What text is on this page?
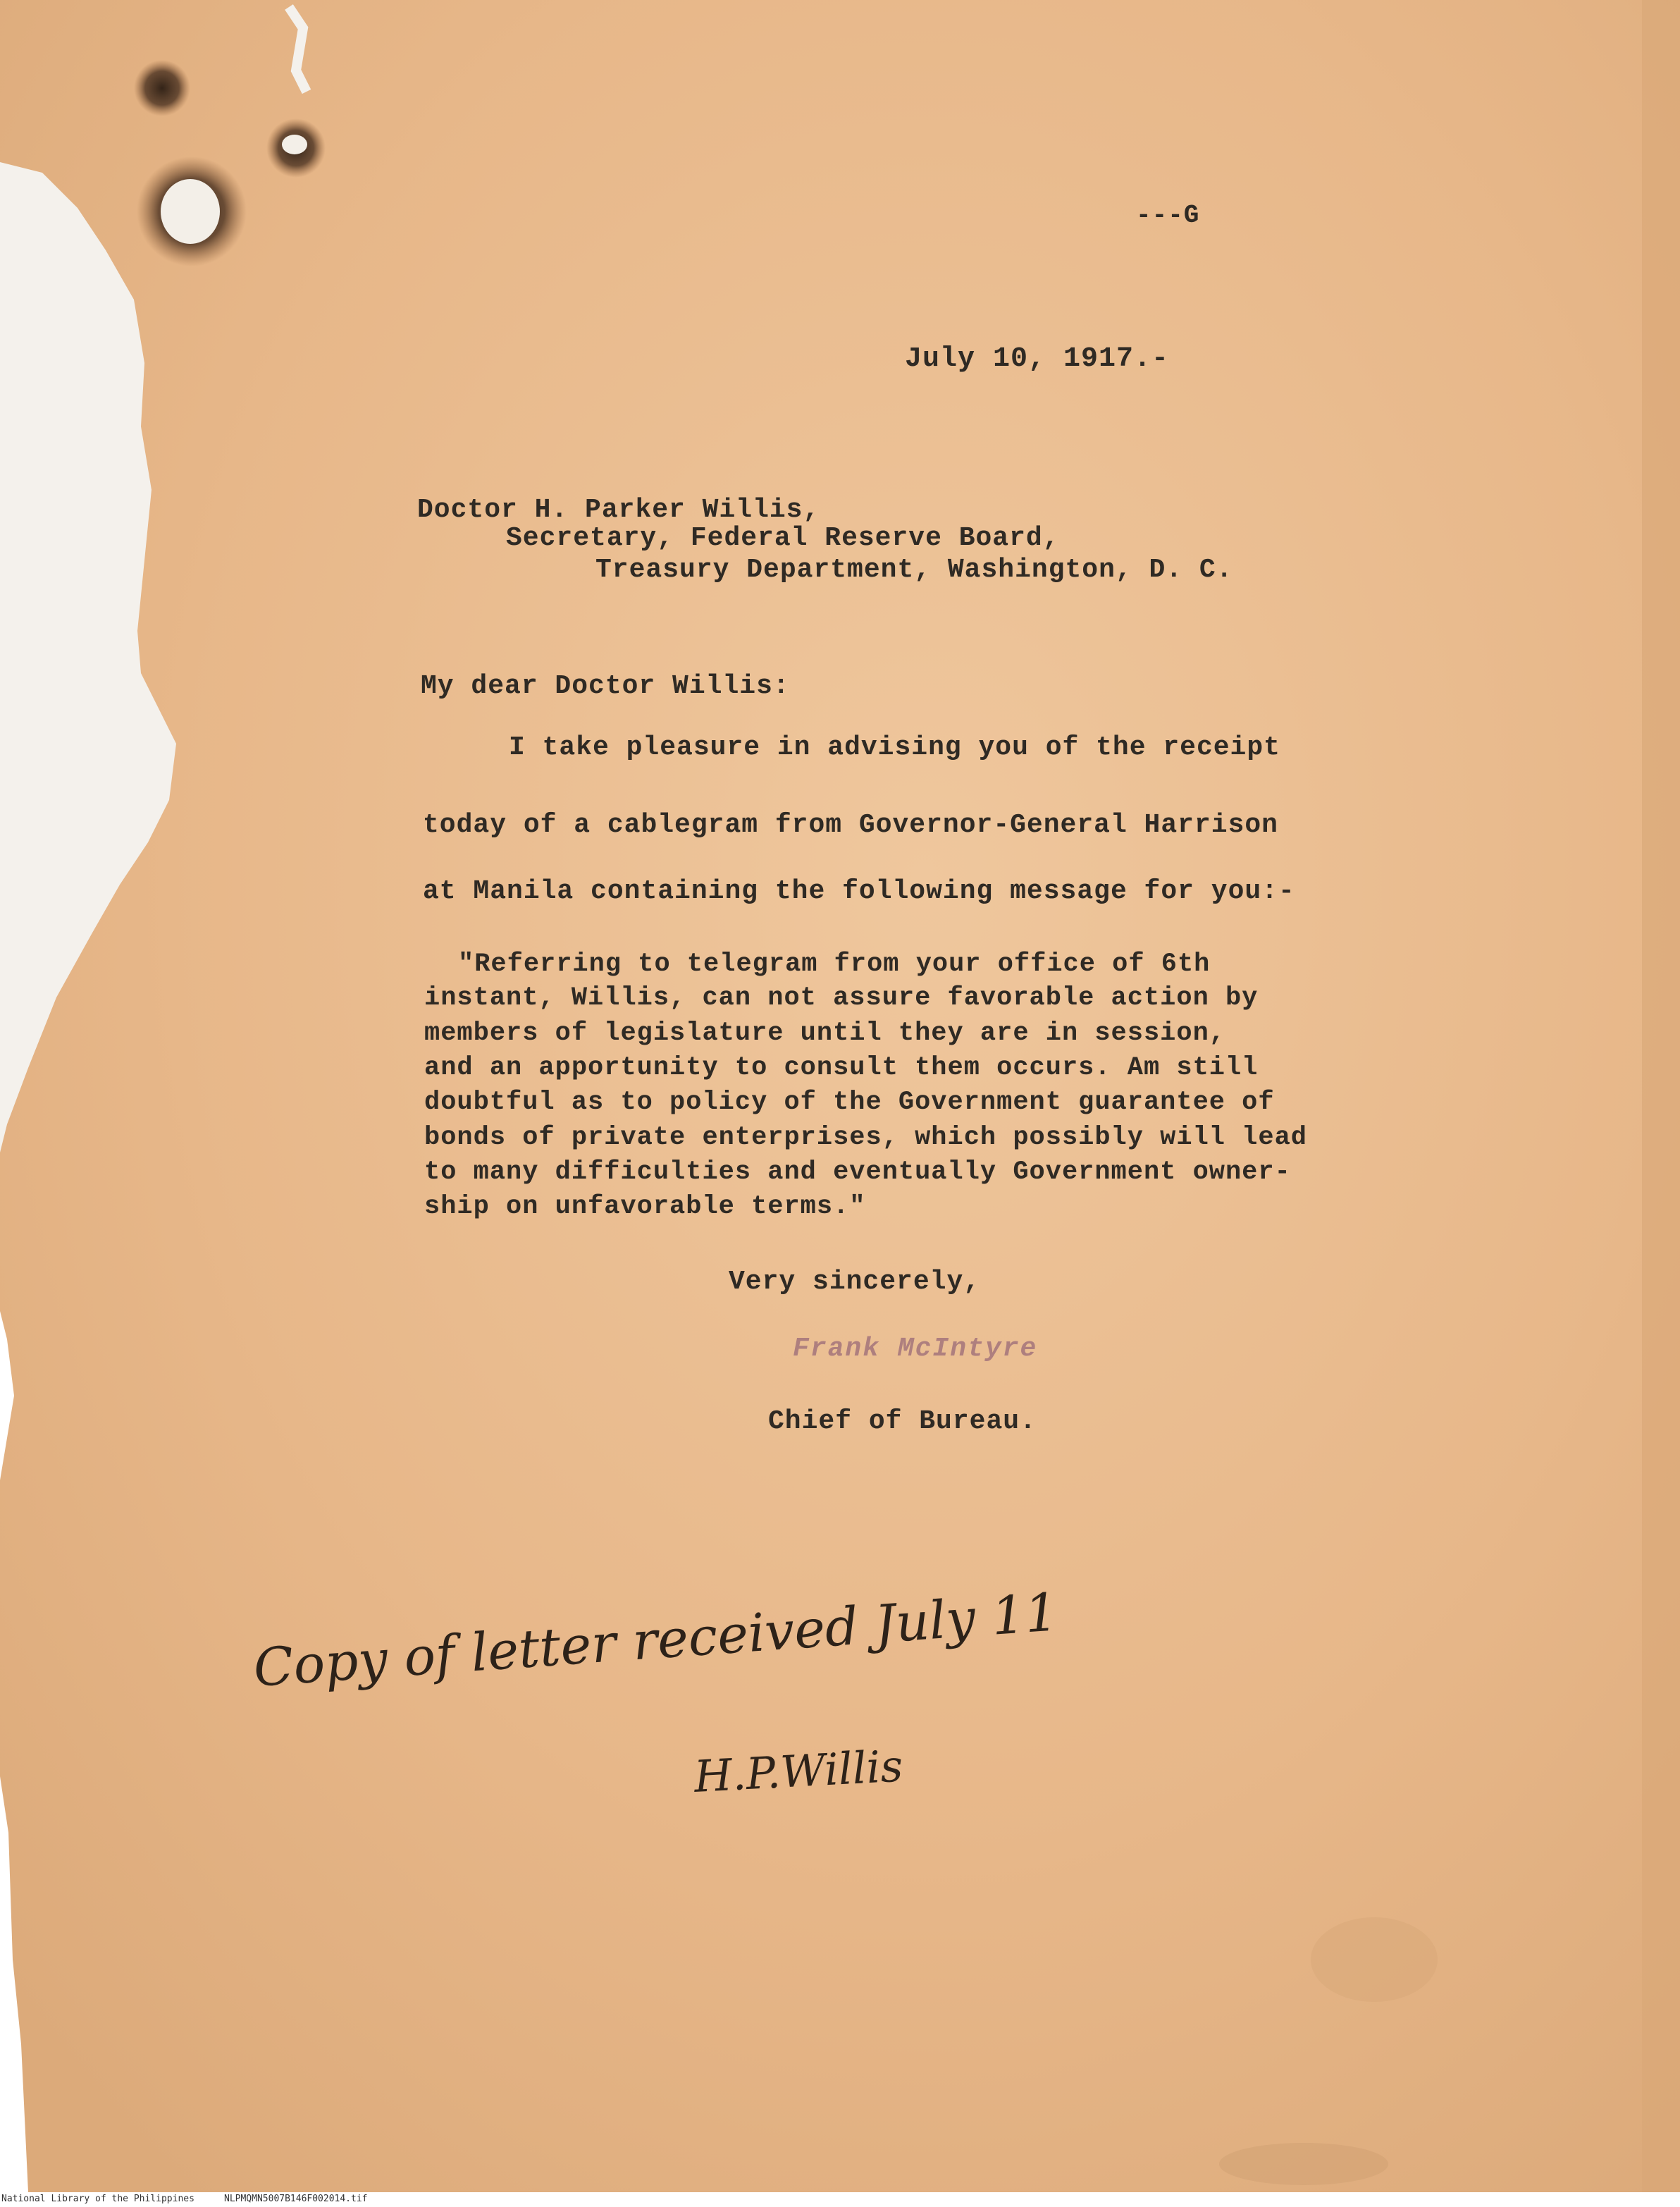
---G
July 10, 1917.-
Doctor H. Parker Willis,
Secretary, Federal Reserve Board,
Treasury Department, Washington, D. C.
My dear Doctor Willis:
I take pleasure in advising you of the receipt
today of a cablegram from Governor-General Harrison
at Manila containing the following message for you:-
"Referring to telegram from your office of 6th
instant, Willis, can not assure favorable action by
members of legislature until they are in session,
and an apportunity to consult them occurs. Am still
doubtful as to policy of the Government guarantee of
bonds of private enterprises, which possibly will lead
to many difficulties and eventually Government owner-
ship on unfavorable terms."
Very sincerely,
Frank McIntyre
Chief of Bureau.
Copy of letter received July 11
H.P.Willis
National Library of the Philippines	NLPMQMN5007B146F002014.tif
